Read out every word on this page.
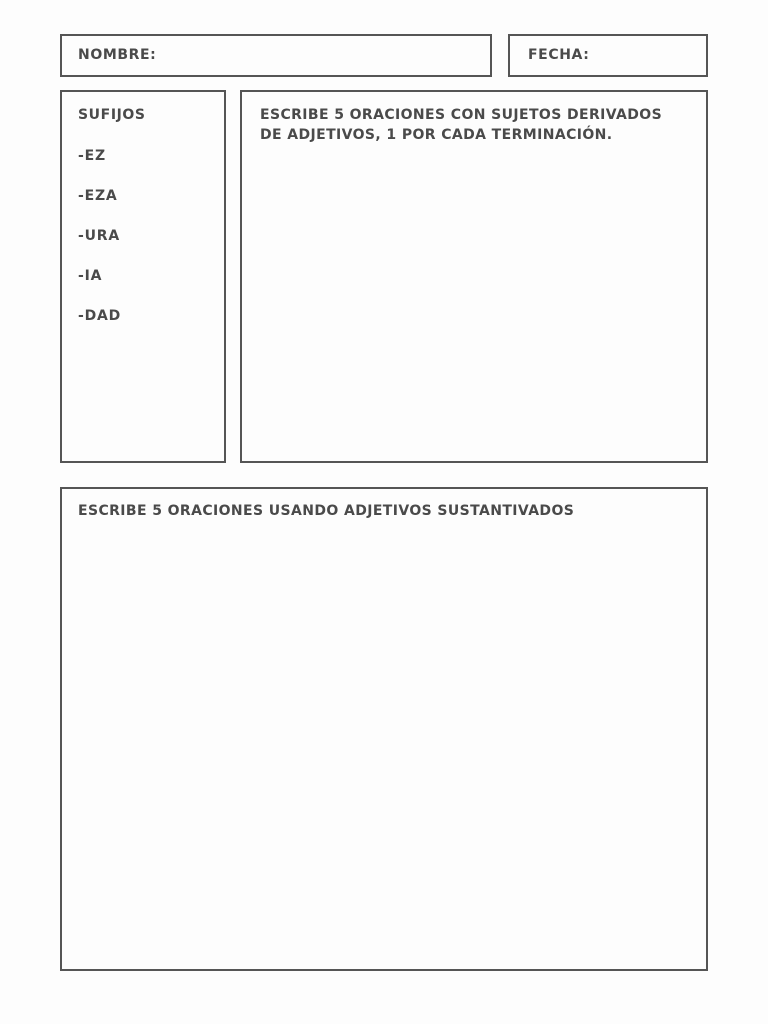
NOMBRE:	FECHA:
SUFIJOS
-EZ
-EZA
-URA
-IA
-DAD
ESCRIBE 5 ORACIONES CON SUJETOS DERIVADOS
DE ADJETIVOS, 1 POR CADA TERMINACIÓN.
ESCRIBE 5 ORACIONES USANDO ADJETIVOS SUSTANTIVADOS
